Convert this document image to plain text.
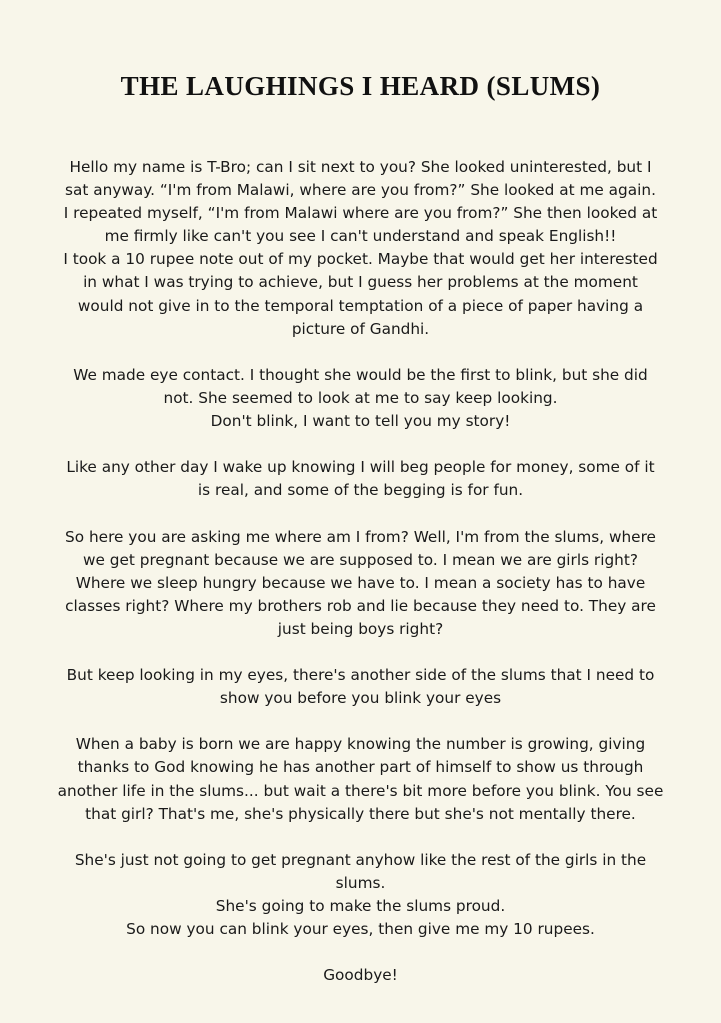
THE LAUGHINGS I HEARD (SLUMS)

Hello my name is T-Bro; can I sit next to you? She looked uninterested, but I
sat anyway. “I'm from Malawi, where are you from?” She looked at me again.
I repeated myself, “I'm from Malawi where are you from?” She then looked at
me firmly like can't you see I can't understand and speak English!!
I took a 10 rupee note out of my pocket. Maybe that would get her interested
in what I was trying to achieve, but I guess her problems at the moment
would not give in to the temporal temptation of a piece of paper having a
picture of Gandhi.

We made eye contact. I thought she would be the first to blink, but she did
not. She seemed to look at me to say keep looking.
Don't blink, I want to tell you my story!

Like any other day I wake up knowing I will beg people for money, some of it
is real, and some of the begging is for fun.

So here you are asking me where am I from? Well, I'm from the slums, where
we get pregnant because we are supposed to. I mean we are girls right?
Where we sleep hungry because we have to. I mean a society has to have
classes right? Where my brothers rob and lie because they need to. They are
just being boys right?

But keep looking in my eyes, there's another side of the slums that I need to
show you before you blink your eyes

When a baby is born we are happy knowing the number is growing, giving
thanks to God knowing he has another part of himself to show us through
another life in the slums... but wait a there's bit more before you blink. You see
that girl? That's me, she's physically there but she's not mentally there.

She's just not going to get pregnant anyhow like the rest of the girls in the
slums.
She's going to make the slums proud.
So now you can blink your eyes, then give me my 10 rupees.

Goodbye!
